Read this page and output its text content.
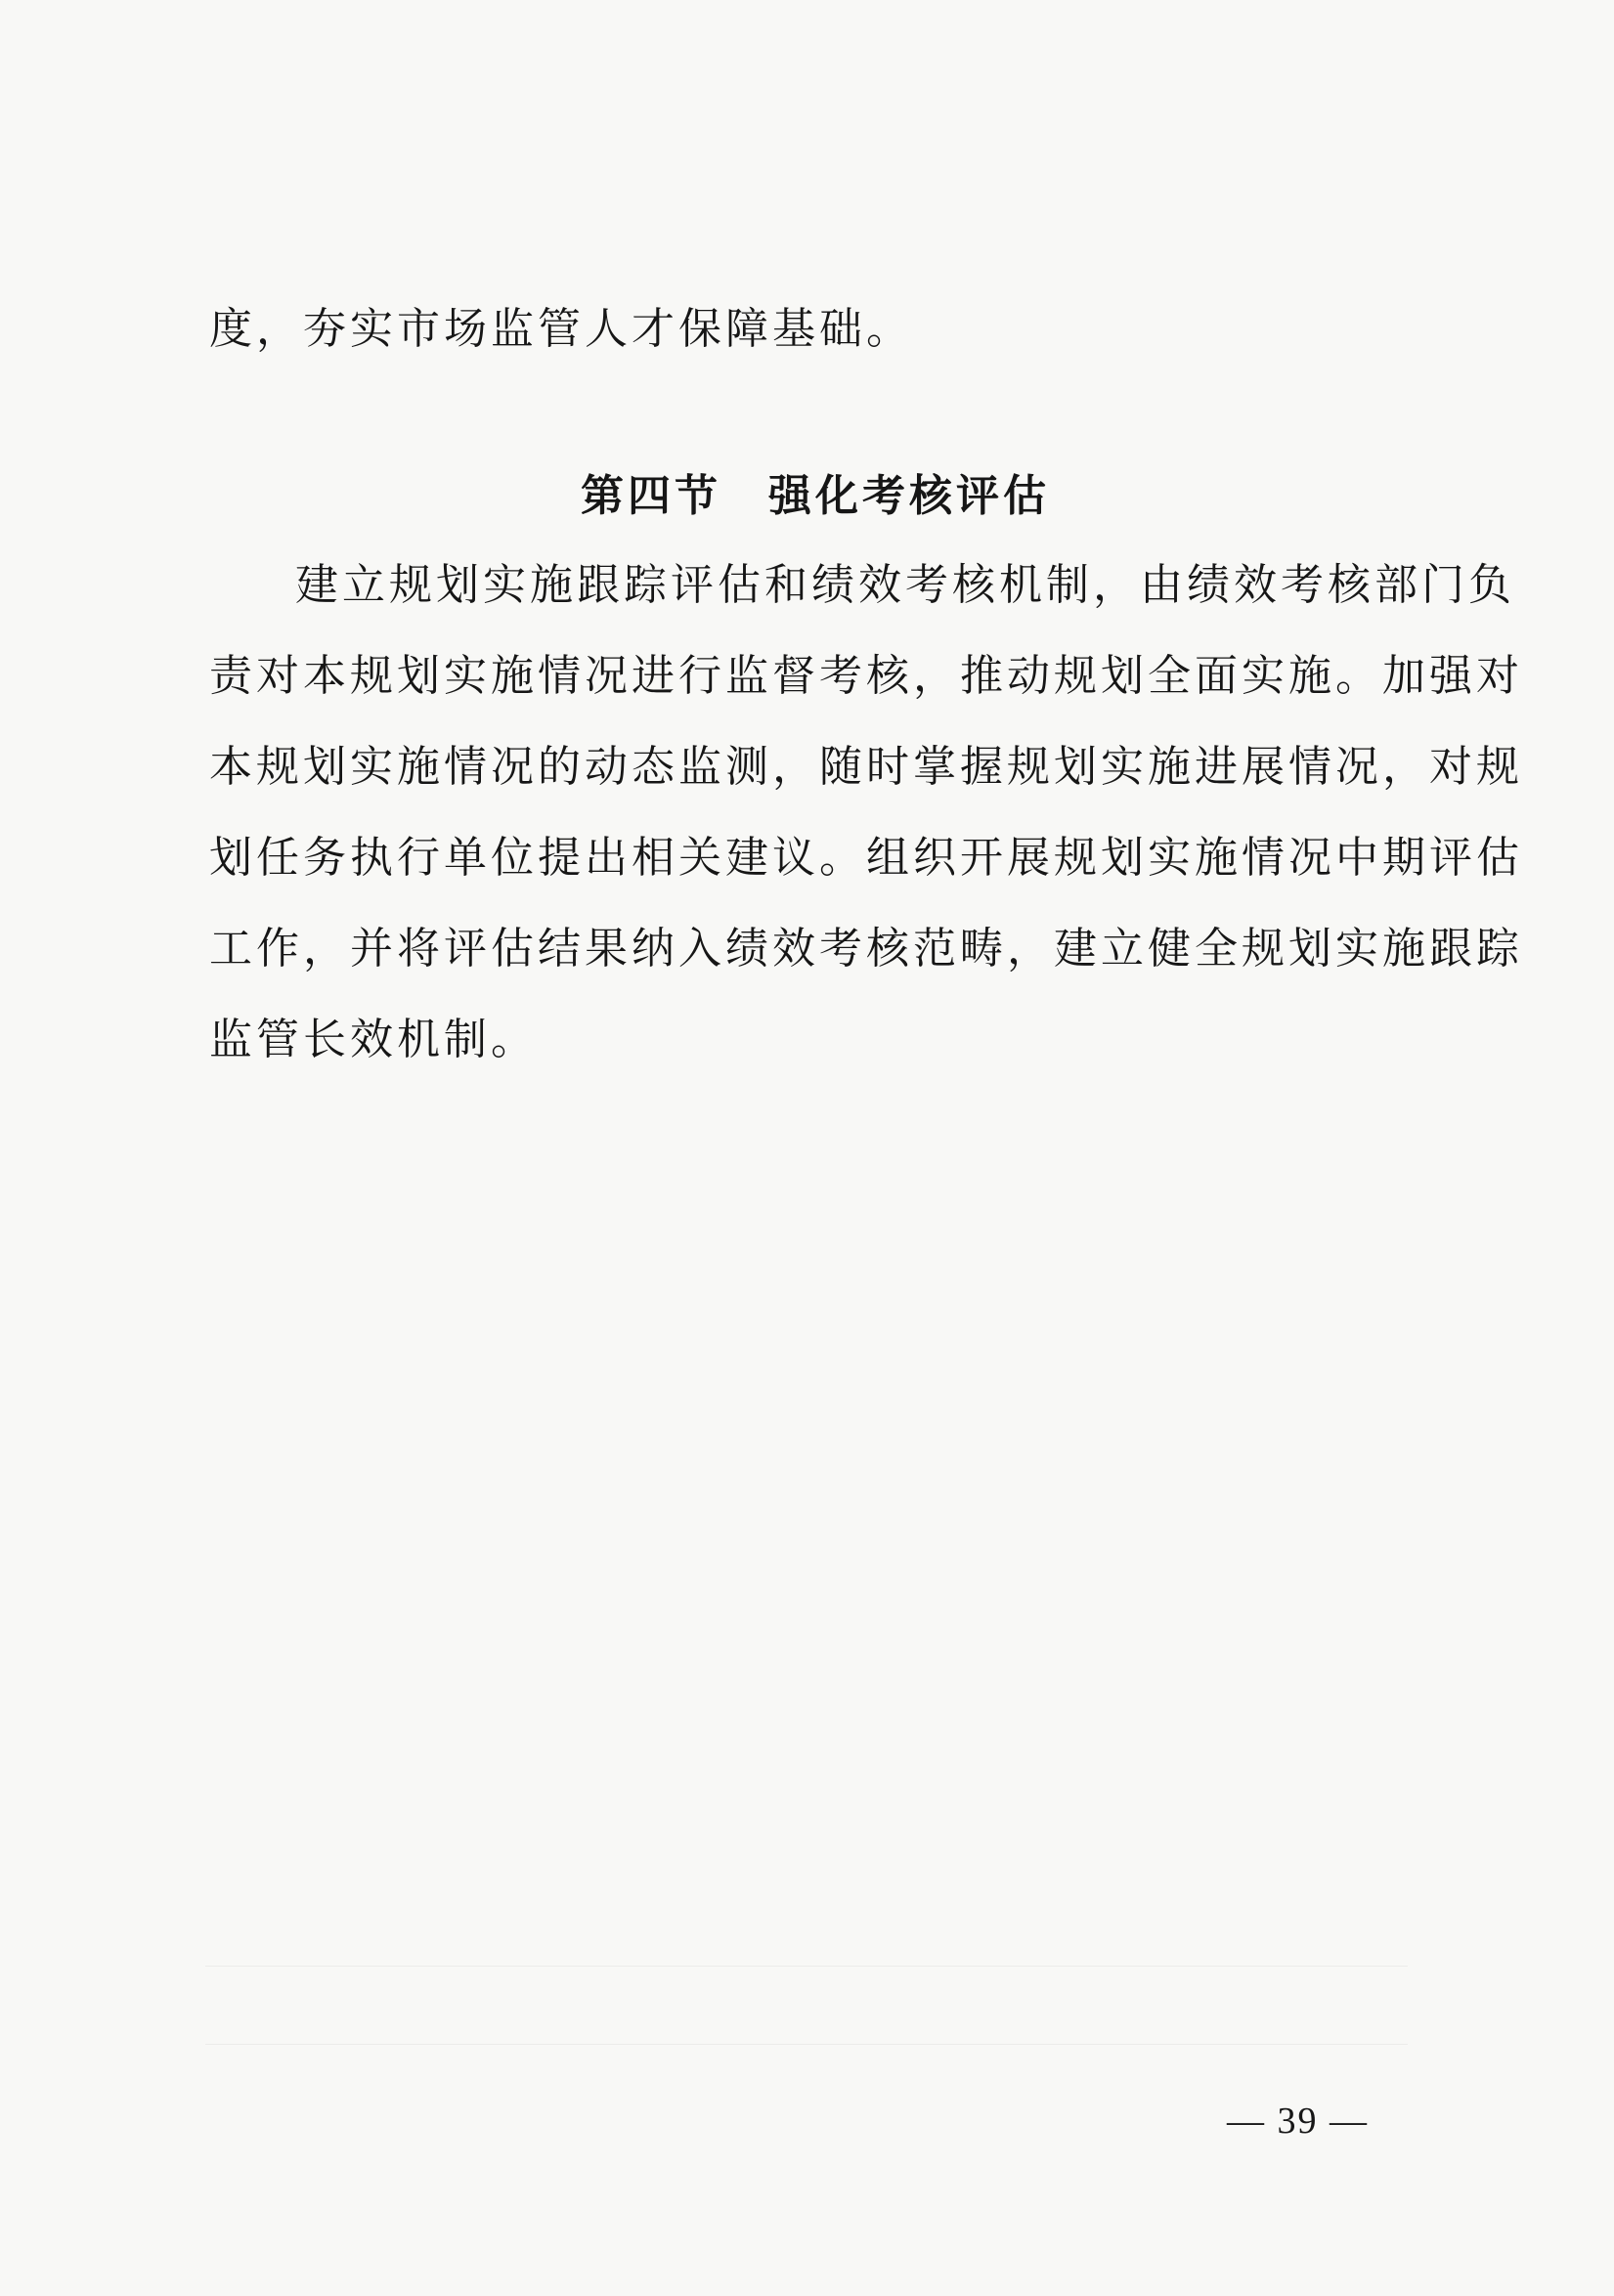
度，夯实市场监管人才保障基础。
第四节　强化考核评估
建立规划实施跟踪评估和绩效考核机制，由绩效考核部门负
责对本规划实施情况进行监督考核，推动规划全面实施。加强对
本规划实施情况的动态监测，随时掌握规划实施进展情况，对规
划任务执行单位提出相关建议。组织开展规划实施情况中期评估
工作，并将评估结果纳入绩效考核范畴，建立健全规划实施跟踪
监管长效机制。
— 39 —
